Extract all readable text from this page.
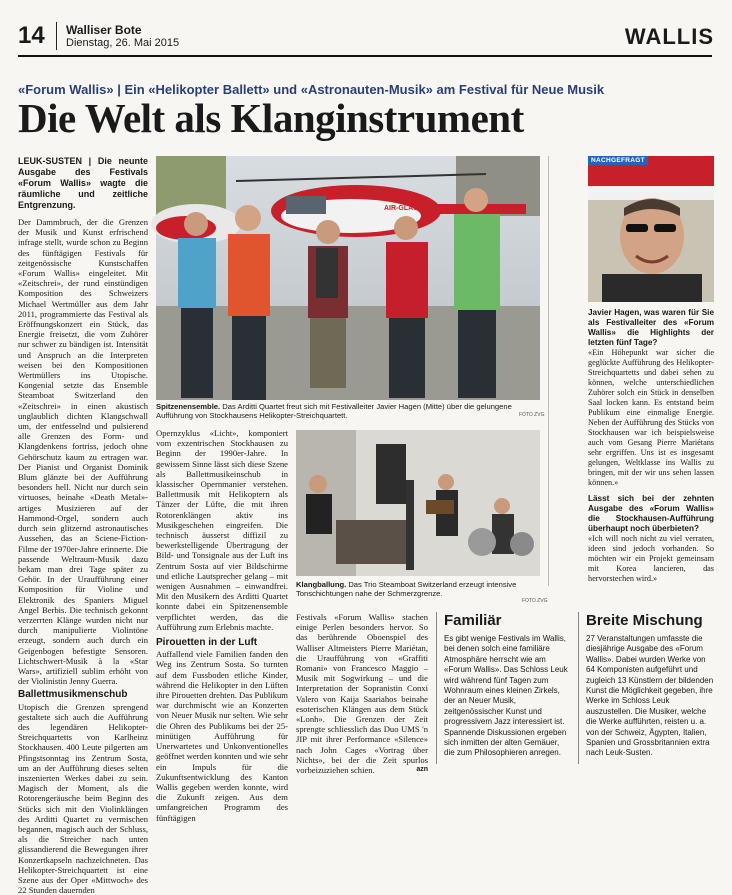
14 Walliser Bote
Dienstag, 26. Mai 2015	WALLIS
«Forum Wallis» | Ein «Helikopter Ballett» und «Astronauten-Musik» am Festival für Neue Musik
Die Welt als Klanginstrument

LEUK-SUSTEN | Die neunte Ausgabe des Festivals «Forum Wallis» wagte die räumliche und zeitliche Entgrenzung.

Der Dammbruch, der die Grenzen der Musik und Kunst erfrischend infrage stellt, wurde schon zu Beginn des fünftägigen Festivals für zeitgenössische Kunstschaffen «Forum Wallis» eingeleitet. Mit «Zeitschrei», der rund einstündigen Komposition des Schweizers Michael Wertmüller aus dem Jahr 2011, programmierte das Festival als Eröffnungskonzert ein Stück, das Energie freisetzt, die vom Zuhörer nur schwer zu bändigen ist. Intensität und Anspruch an die Interpreten weisen bei den Kompositionen Wertmüllers ins Utopische. Kongenial setzte das Ensemble Steamboat Switzerland den «Zeitschrei» in einen akustisch unglaublich dichten Klangschwall um, der entfesselnd und pulsierend alle Grenzen des Form- und Klangdenkens fortriss, jedoch ohne Gehörschutz kaum zu ertragen war. Der Pianist und Organist Dominik Blum glänzte bei der Aufführung besonders hell. Nicht nur durch sein virtuoses, beinahe «Death Metal»-artiges Musizieren auf der Hammond-Orgel, sondern auch durch sein glitzernd astronautisches Aussehen, das an Sciene-Fiction-Filme der 1970er-Jahre erinnerte. Die passende Weltraum-Musik dazu bekam man drei Tage später zu Gehör. In der Uraufführung einer Komposition für Violine und Elektronik des Spaniers Miguel Angel Berbis. Die technisch gekonnt verzerrten Klänge wurden nicht nur durch manipulierte Violintöne erzeugt, sondern auch durch ein Geigenbogen befestigte Sensoren. Lichtschwert-Musik à la «Star Wars», artifiziell sublim erhöht von der Violinistin Jenny Guerra.

Ballettmusikmenschub

Utopisch die Grenzen sprengend gestaltete sich auch die Aufführung des legendären Helikopter-Streichquartetts von Karlheinz Stockhausen. 400 Leute pilgerten am Pfingstsonntag ins Zentrum Sosta, um an der Aufführung dieses selten inszenierten Werkes dabei zu sein. Magisch der Moment, als die Rotorengeräusche beim Beginn des Stücks sich mit den Violinklängen des Arditti Quartet zu vermischen begannen, magisch auch der Schluss, als die Streicher nach unten glissandierend die Bewegungen ihrer Konzertkapseln nachzeichneten. Das Helikopter-Streichquartett ist eine Szene aus der Oper «Mittwoch» des 22 Stunden dauernden

AIR-GLACIERS
Spitzenensemble. Das Arditti Quartet freut sich mit Festivalleiter Javier Hagen (Mitte) über die gelungene Aufführung von Stockhausens Helikopter-Streichquartett.	FOTO ZVG

Opernzyklus «Licht», komponiert vom exzentrischen Stockhausen zu Beginn der 1990er-Jahre. In gewissem Sinne lässt sich diese Szene als Ballettmusikeinschub in klassischer Opernmanier verstehen. Ballettmusik mit Helikoptern als Tänzer der Lüfte, die mit ihren Rotorenklängen aktiv ins Musikgeschehen eingreifen. Die technisch äusserst diffizil zu bewerkstelligende Übertragung der Bild- und Tonsignale aus der Luft ins Zentrum Sosta auf vier Bildschirme und etliche Lautsprecher gelang – mit wenigen Ausnahmen – einwandfrei. Mit den Musikern des Arditti Quartet konnte dabei ein Spitzenensemble verpflichtet werden, das die Aufführung zum Erlebnis machte.

Pirouetten in der Luft

Auffallend viele Familien fanden den Weg ins Zentrum Sosta. So turnten auf dem Fussboden etliche Kinder, während die Helikopter in den Lüften ihre Pirouetten drehten. Das Publikum war durchmischt wie an Konzerten von Neuer Musik nur selten. Wie sehr die Ohren des Publikums bei der 25-minütigen Aufführung für Unerwartetes und Unkonventionelles geöffnet werden konnten und wie sehr ein Impuls für die Zukunftsentwicklung des Kanton Wallis gegeben werden konnte, wird die Zukunft zeigen. Aus dem umfangreichen Programm des fünftägigen

Klangballung. Das Trio Steamboat Switzerland erzeugt intensive Tonschichtungen nahe der Schmerzgrenze.
FOTO ZVG

Festivals «Forum Wallis» stachen einige Perlen besonders hervor. So das berührende Oboenspiel des Walliser Altmeisters Pierre Mariétan, die Uraufführung von «Graffiti Romani» von Francesco Maggio – Musik mit Sogwirkung – und die Interpretation der Sopranistin Conxi Valero von Kaija Saariahos beinahe esoterischen Klängen aus dem Stück «Lonh». Die Grenzen der Zeit sprengte schliesslich das Duo UMS 'n JIP mit ihrer Performance «Silence» nach John Cages «Vortrag über Nichts», bei der die Zeit spurlos vorbeizuziehen schien.	azn

Familiär
Es gibt wenige Festivals im Wallis, bei denen solch eine familiäre Atmosphäre herrscht wie am «Forum Wallis». Das Schloss Leuk wird während fünf Tagen zum Wohnraum eines kleinen Zirkels, der an Neuer Musik, zeitgenössischer Kunst und progressivem Jazz interessiert ist. Spannende Diskussionen ergeben sich inmitten der alten Gemäuer, die zum Philosophieren anregen.
Breite Mischung
27 Veranstaltungen umfasste die diesjährige Ausgabe des «Forum Wallis». Dabei wurden Werke von 64 Komponisten aufgeführt und zugleich 13 Künstlern der bildenden Kunst die Möglichkeit gegeben, ihre Werke im Schloss Leuk auszustellen. Die Musiker, welche die Werke aufführten, reisten u. a. von der Schweiz, Ägypten, Italien, Spanien und Grossbritannien extra nach Leuk-Susten.
NACHGEFRAGT

Javier Hagen, was waren für Sie als Festivalleiter des «Forum Wallis» die Highlights der letzten fünf Tage?

«Ein Höhepunkt war sicher die geglückte Aufführung des Helikopter-Streichquartetts und dabei sehen zu können, welche unterschiedlichen Zuhörer solch ein Stück in denselben Saal locken kann. Es entstand beim Publikum eine einmalige Energie. Neben der Aufführung des Stücks von Stockhausen war ich beispielsweise auch vom Gesang Pierre Mariétans sehr ergriffen. Uns ist es insgesamt gelungen, Weltklasse ins Wallis zu bringen, mit der wir uns sehen lassen können.»

Lässt sich bei der zehnten Ausgabe des «Forum Wallis» die Stockhausen-Aufführung überhaupt noch überbieten?

«Ich will noch nicht zu viel verraten, ideen sind jedoch vorhanden. So möchten wir ein Projekt gemeinsam mit Korea lancieren, das hervorstechen wird.»
